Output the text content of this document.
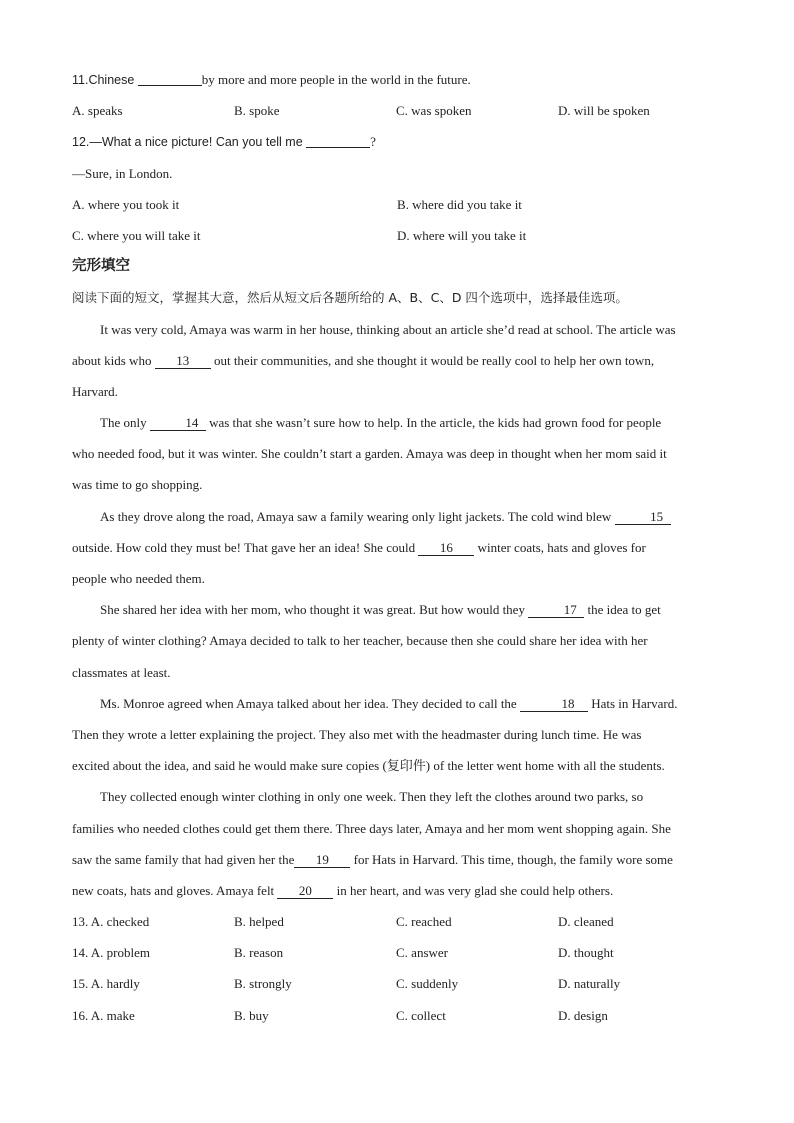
11.Chinese	by more and more people in the world in the future.
A. speaks	B. spoke	C. was spoken	D. will be spoken
12.—What a nice picture! Can you tell me	?
—Sure, in London.
A. where you took it	B. where did you take it
C. where you will take it	D. where will you take it
完形填空
阅读下面的短文，掌握其大意，然后从短文后各题所给的 A、B、C、D 四个选项中，选择最佳选项。
It was very cold, Amaya was warm in her house, thinking about an article she’d read at school. The article was
about kids who 13 out their communities, and she thought it would be really cool to help her own town,
Harvard.
The only	14 was that she wasn’t sure how to help. In the article, the kids had grown food for people
who needed food, but it was winter. She couldn’t start a garden. Amaya was deep in thought when her mom said it
was time to go shopping.
As they drove along the road, Amaya saw a family wearing only light jackets. The cold wind blew	15
outside. How cold they must be! That gave her an idea! She could 16 winter coats, hats and gloves for
people who needed them.
She shared her idea with her mom, who thought it was great. But how would they	17 the idea to get
plenty of winter clothing? Amaya decided to talk to her teacher, because then she could share her idea with her
classmates at least.
Ms. Monroe agreed when Amaya talked about her idea. They decided to call the	18 Hats in Harvard.
Then they wrote a letter explaining the project. They also met with the headmaster during lunch time. He was
excited about the idea, and said he would make sure copies (复印件) of the letter went home with all the students.
They collected enough winter clothing in only one week. Then they left the clothes around two parks, so
families who needed clothes could get them there. Three days later, Amaya and her mom went shopping again. She
saw the same family that had given her the 19 for Hats in Harvard. This time, though, the family wore some
new coats, hats and gloves. Amaya felt 20 in her heart, and was very glad she could help others.
13. A. checked	B. helped	C. reached	D. cleaned
14. A. problem	B. reason	C. answer	D. thought
15. A. hardly	B. strongly	C. suddenly	D. naturally
16. A. make	B. buy	C. collect	D. design
